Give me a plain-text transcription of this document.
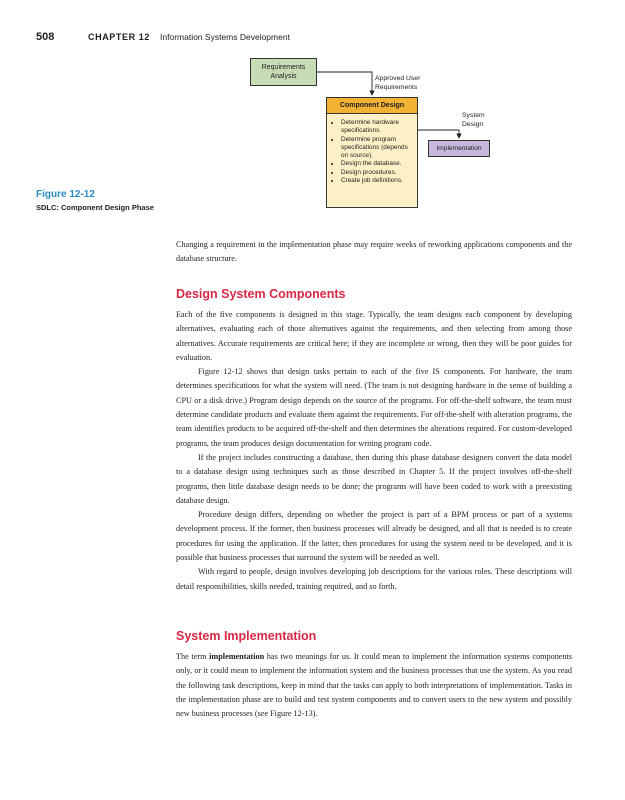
508	CHAPTER 12 Information Systems Development
Requirements Analysis	Approved User Requirements
Component Design
• Determine hardware specifications.
• Determine program specifications (depends on source).
• Design the database.
• Design procedures.
• Create job definitions.
System Design
Implementation
Figure 12-12
SDLC: Component Design Phase

Changing a requirement in the implementation phase may require weeks of reworking applications components and the database structure.

Design System Components

Each of the five components is designed in this stage. Typically, the team designs each component by developing alternatives, evaluating each of those alternatives against the requirements, and then selecting from among those alternatives. Accurate requirements are critical here; if they are incomplete or wrong, then they will be poor guides for evaluation.

Figure 12-12 shows that design tasks pertain to each of the five IS components. For hardware, the team determines specifications for what the system will need. (The team is not designing hardware in the sense of building a CPU or a disk drive.) Program design depends on the source of the programs. For off-the-shelf software, the team must determine candidate products and evaluate them against the requirements. For off-the-shelf with alteration programs, the team identifies products to be acquired off-the-shelf and then determines the alterations required. For custom-developed programs, the team produces design documentation for writing program code.

If the project includes constructing a database, then during this phase database designers convert the data model to a database design using techniques such as those described in Chapter 5. If the project involves off-the-shelf programs, then little database design needs to be done; the programs will have been coded to work with a preexisting database design.

Procedure design differs, depending on whether the project is part of a BPM process or part of a systems development process. If the former, then business processes will already be designed, and all that is needed is to create procedures for using the application. If the latter, then procedures for using the system need to be developed, and it is possible that business processes that surround the system will be needed as well.

With regard to people, design involves developing job descriptions for the various roles. These descriptions will detail responsibilities, skills needed, training required, and so forth.

System Implementation

The term implementation has two meanings for us. It could mean to implement the information systems components only, or it could mean to implement the information system and the business processes that use the system. As you read the following task descriptions, keep in mind that the tasks can apply to both interpretations of implementation. Tasks in the implementation phase are to build and test system components and to convert users to the new system and possibly new business processes (see Figure 12-13).
